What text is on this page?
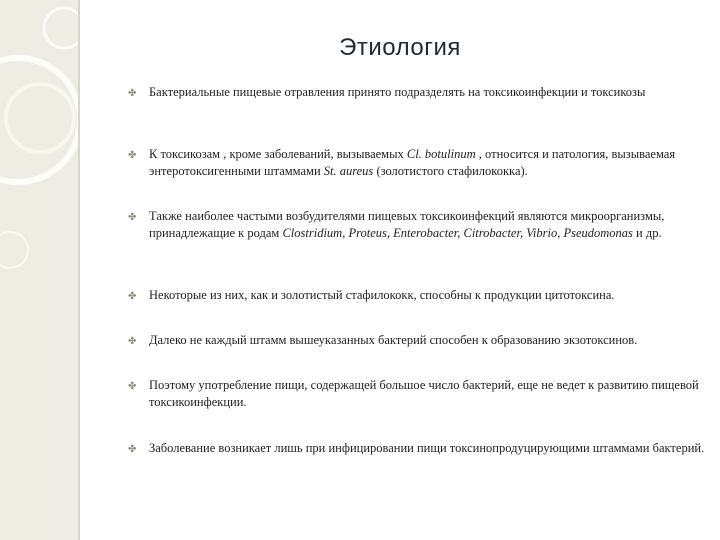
Этиология
✤ Бактериальные пищевые отравления принято подразделять на токсикоинфекции и токсикозы
✤ К токсикозам , кроме заболеваний, вызываемых Cl. botulinum , относится и патология, вызываемая энтеротоксигенными штаммами St. aureus (золотистого стафилококка).
✤ Также наиболее частыми возбудителями пищевых токсикоинфекций являются микроорганизмы, принадлежащие к родам Clostridium, Proteus, Enterobacter, Citrobacter, Vibrio, Pseudomonas и др.
✤ Некоторые из них, как и золотистый стафилококк, способны к продукции цитотоксина.
✤ Далеко не каждый штамм вышеуказанных бактерий способен к образованию экзотоксинов.
✤ Поэтому употребление пищи, содержащей большое число бактерий, еще не ведет к развитию пищевой токсикоинфекции.
✤ Заболевание возникает лишь при инфицировании пищи токсинопродуцирующими штаммами бактерий.
